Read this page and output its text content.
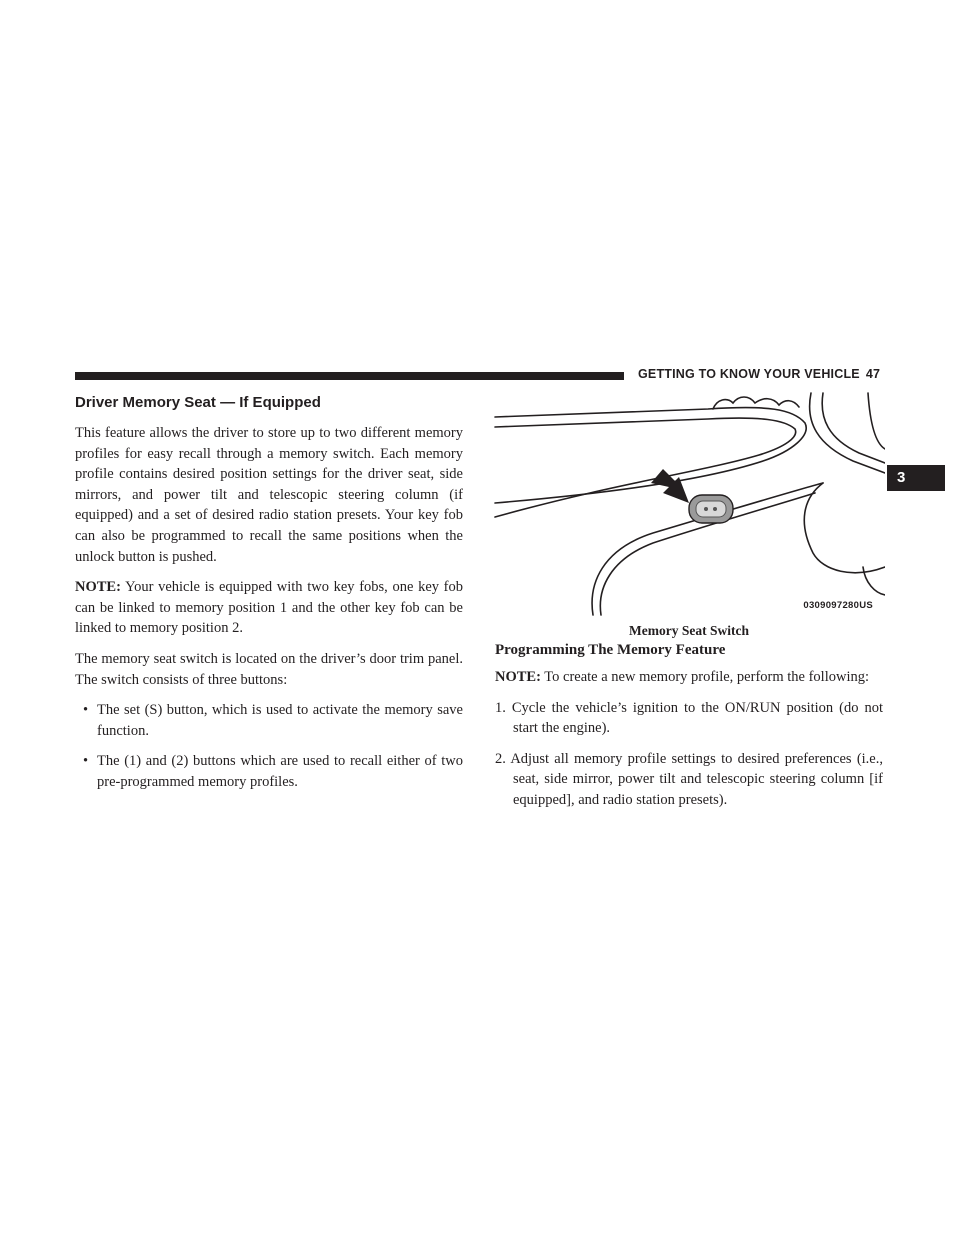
GETTING TO KNOW YOUR VEHICLE 47
3
Driver Memory Seat — If Equipped

This feature allows the driver to store up to two different memory profiles for easy recall through a memory switch. Each memory profile contains desired position settings for the driver seat, side mirrors, and power tilt and telescopic steering column (if equipped) and a set of desired radio station presets. Your key fob can also be programmed to recall the same positions when the unlock button is pushed.

NOTE: Your vehicle is equipped with two key fobs, one key fob can be linked to memory position 1 and the other key fob can be linked to memory position 2.

The memory seat switch is located on the driver’s door trim panel. The switch consists of three buttons:

• The set (S) button, which is used to activate the memory save function.
• The (1) and (2) buttons which are used to recall either of two pre-programmed memory profiles.
0309097280US
Memory Seat Switch
Programming The Memory Feature

NOTE: To create a new memory profile, perform the following:

1. Cycle the vehicle’s ignition to the ON/RUN position (do not start the engine).
2. Adjust all memory profile settings to desired preferences (i.e., seat, side mirror, power tilt and telescopic steering column [if equipped], and radio station presets).
